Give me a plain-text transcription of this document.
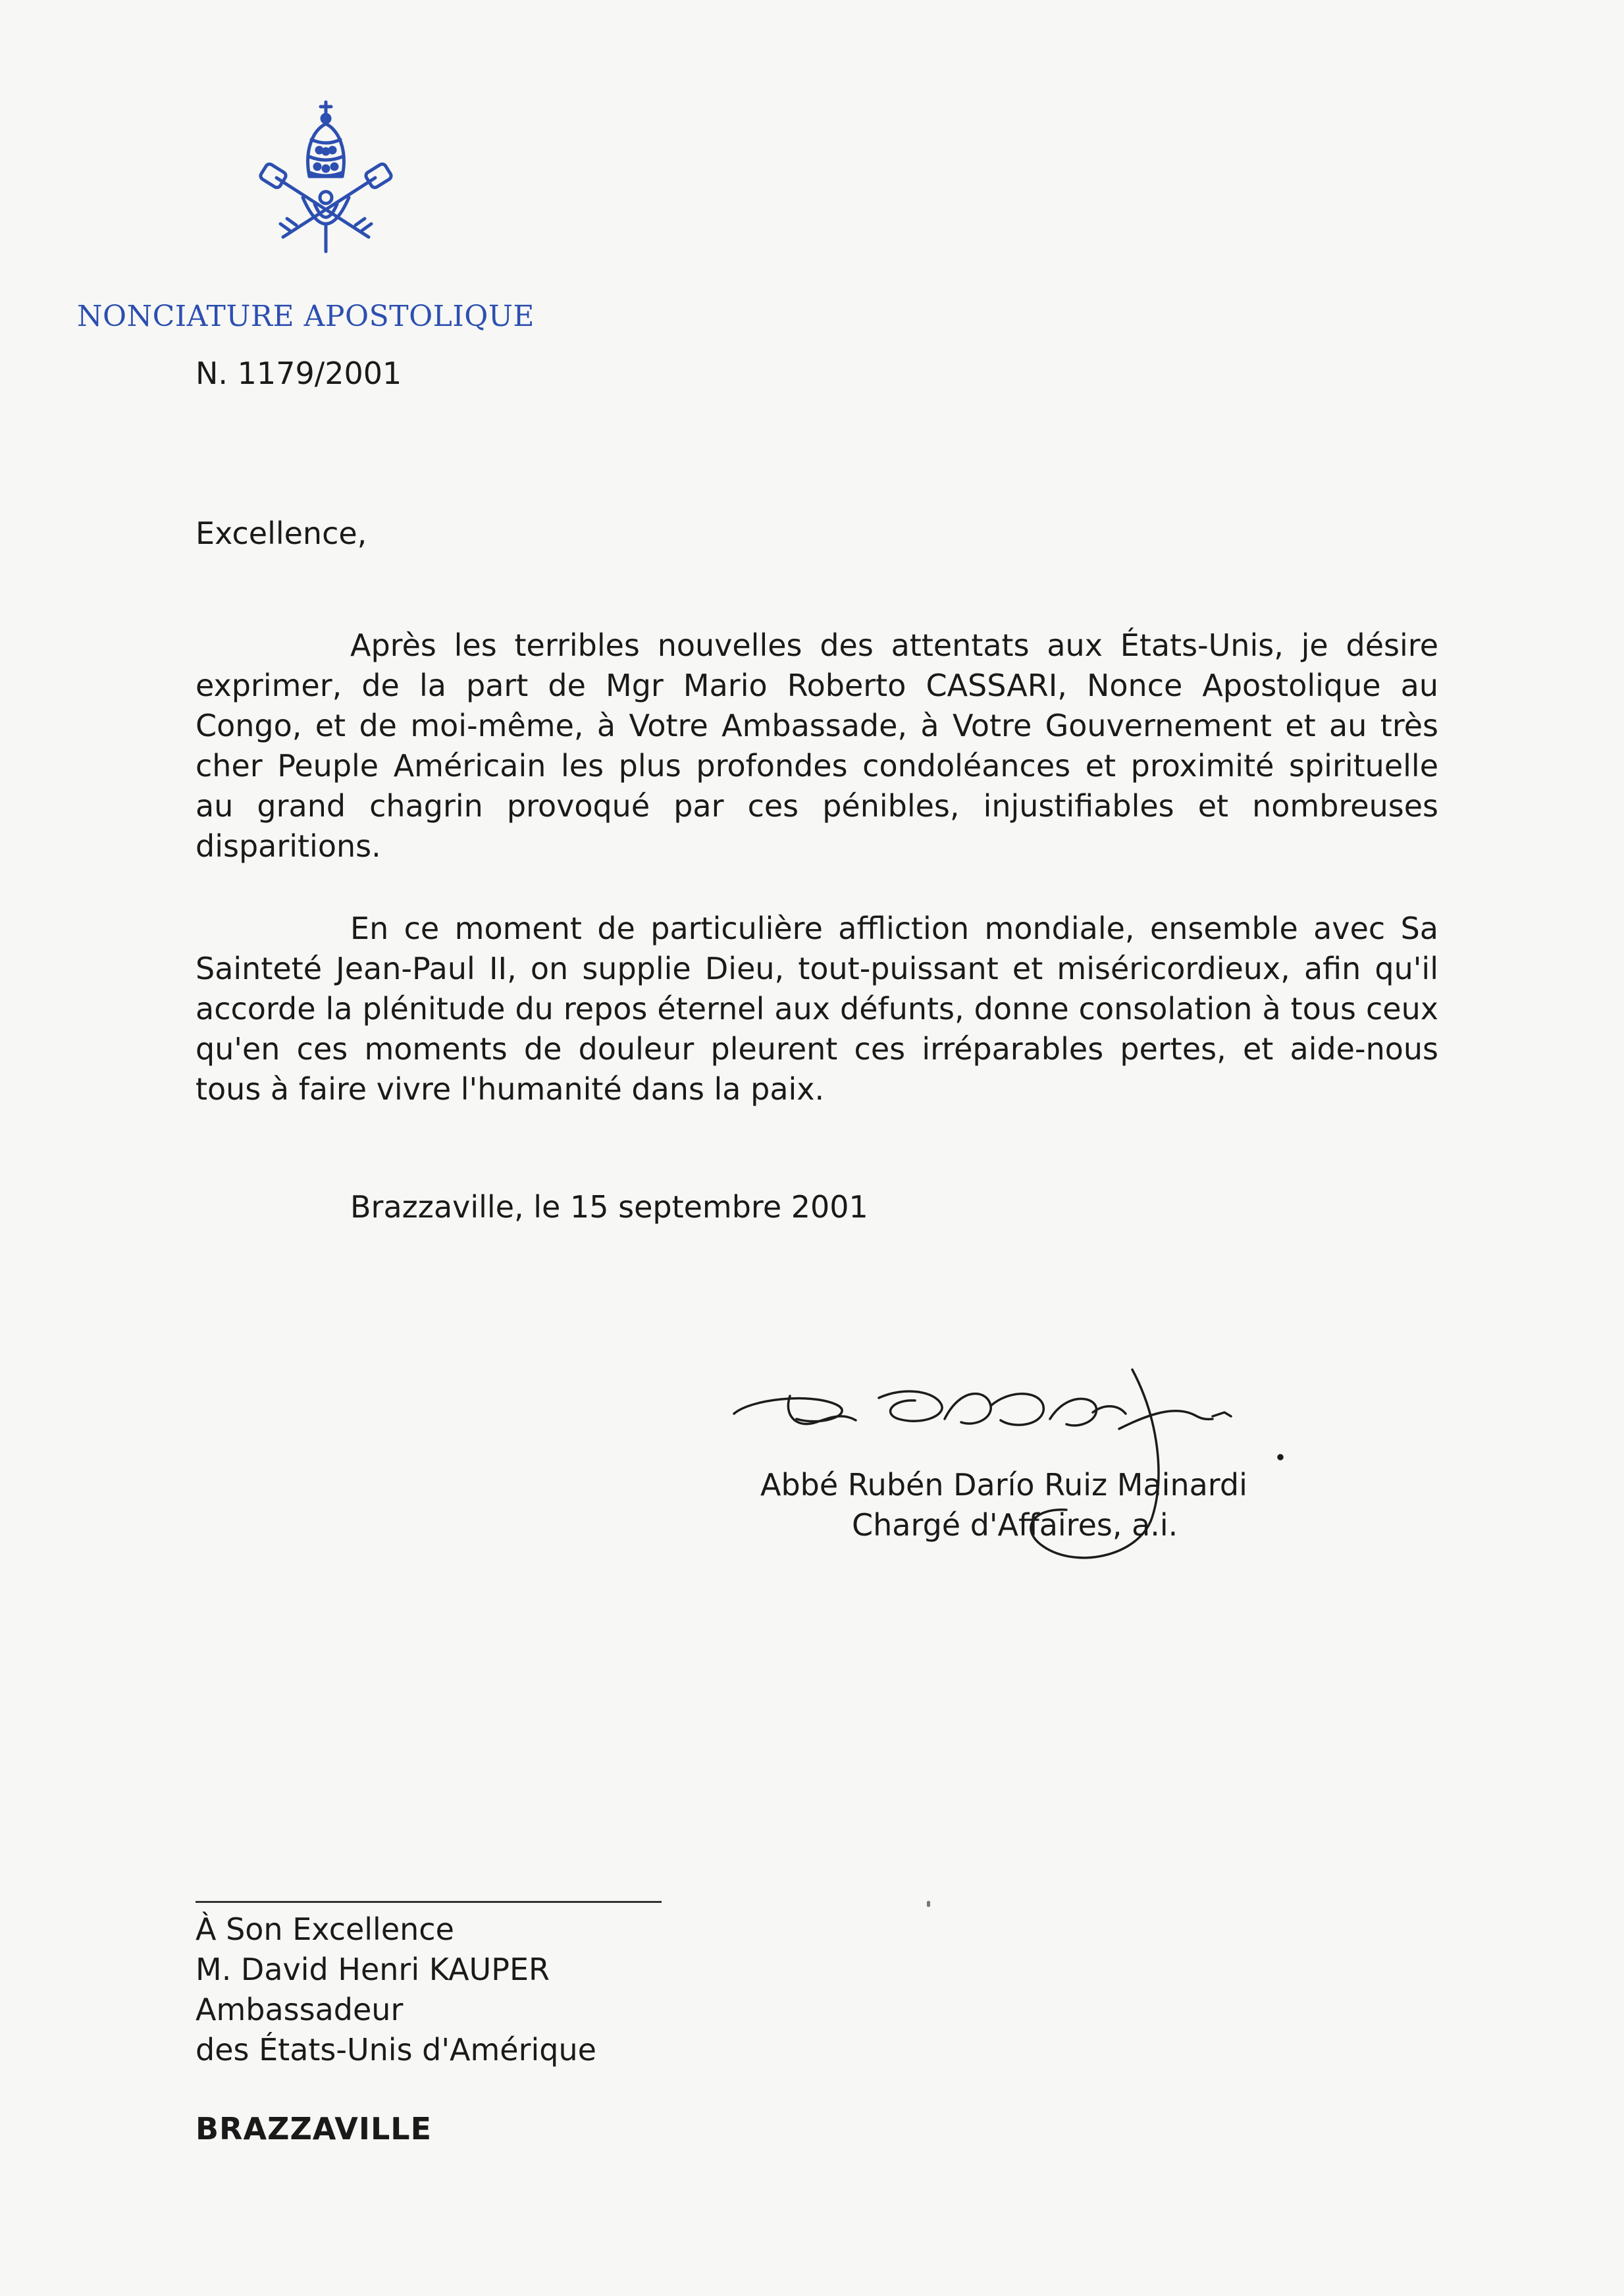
NONCIATURE APOSTOLIQUE
N. 1179/2001
Excellence,

Après les terribles nouvelles des attentats aux États-Unis, je désire exprimer, de la part de Mgr Mario Roberto CASSARI, Nonce Apostolique au Congo, et de moi-même, à Votre Ambassade, à Votre Gouvernement et au très cher Peuple Américain les plus profondes condoléances et proximité spirituelle au grand chagrin provoqué par ces pénibles, injustifiables et nombreuses disparitions.

En ce moment de particulière affliction mondiale, ensemble avec Sa Sainteté Jean-Paul II, on supplie Dieu, tout-puissant et miséricordieux, afin qu'il accorde la plénitude du repos éternel aux défunts, donne consolation à tous ceux qu'en ces moments de douleur pleurent ces irréparables pertes, et aide-nous tous à faire vivre l'humanité dans la paix.

Brazzaville, le 15 septembre 2001
Abbé Rubén Darío Ruiz Mainardi
Chargé d'Affaires, a.i.
À Son Excellence
M. David Henri KAUPER
Ambassadeur
des États-Unis d'Amérique
BRAZZAVILLE
